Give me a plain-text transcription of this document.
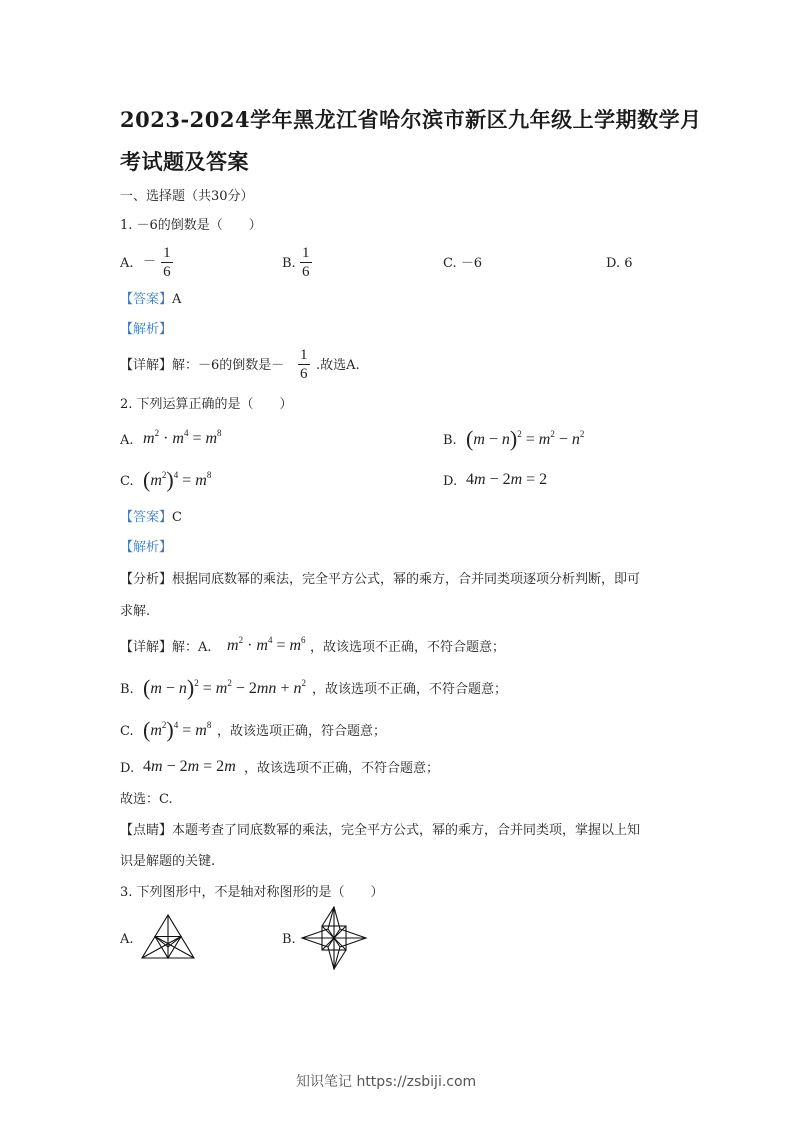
2023-2024学年黑龙江省哈尔滨市新区九年级上学期数学月
考试题及答案
一、选择题（共30分）
1. －6的倒数是（　　）
A. － $\frac{1}{6}$	B. $\frac{1}{6}$	C. －6	D. 6
【答案】A
【解析】
【详解】解：－6的倒数是－ $\frac{1}{6}$ .故选A.
2. 下列运算正确的是（　　）
A. $m^2 \cdot m^4 = m^8$	B. $(m - n)^2 = m^2 - n^2$
C. $(m^2)^4 = m^8$	D. 4m − 2m = 2
【答案】C
【解析】
【分析】根据同底数幂的乘法，完全平方公式，幂的乘方，合并同类项逐项分析判断，即可
求解.
【详解】解：A. $m^2 \cdot m^4 = m^6$ ，故该选项不正确，不符合题意；
B. $(m - n)^2 = m^2 - 2mn + n^2$ ，故该选项不正确，不符合题意；
C. $(m^2)^4 = m^8$ ，故该选项正确，符合题意；
D. 4m − 2m = 2m ，故该选项不正确，不符合题意；
故选：C.
【点睛】本题考查了同底数幂的乘法，完全平方公式，幂的乘方，合并同类项，掌握以上知
识是解题的关键.
3. 下列图形中，不是轴对称图形的是（　　）
A.	B.
知识笔记 https://zsbiji.com
